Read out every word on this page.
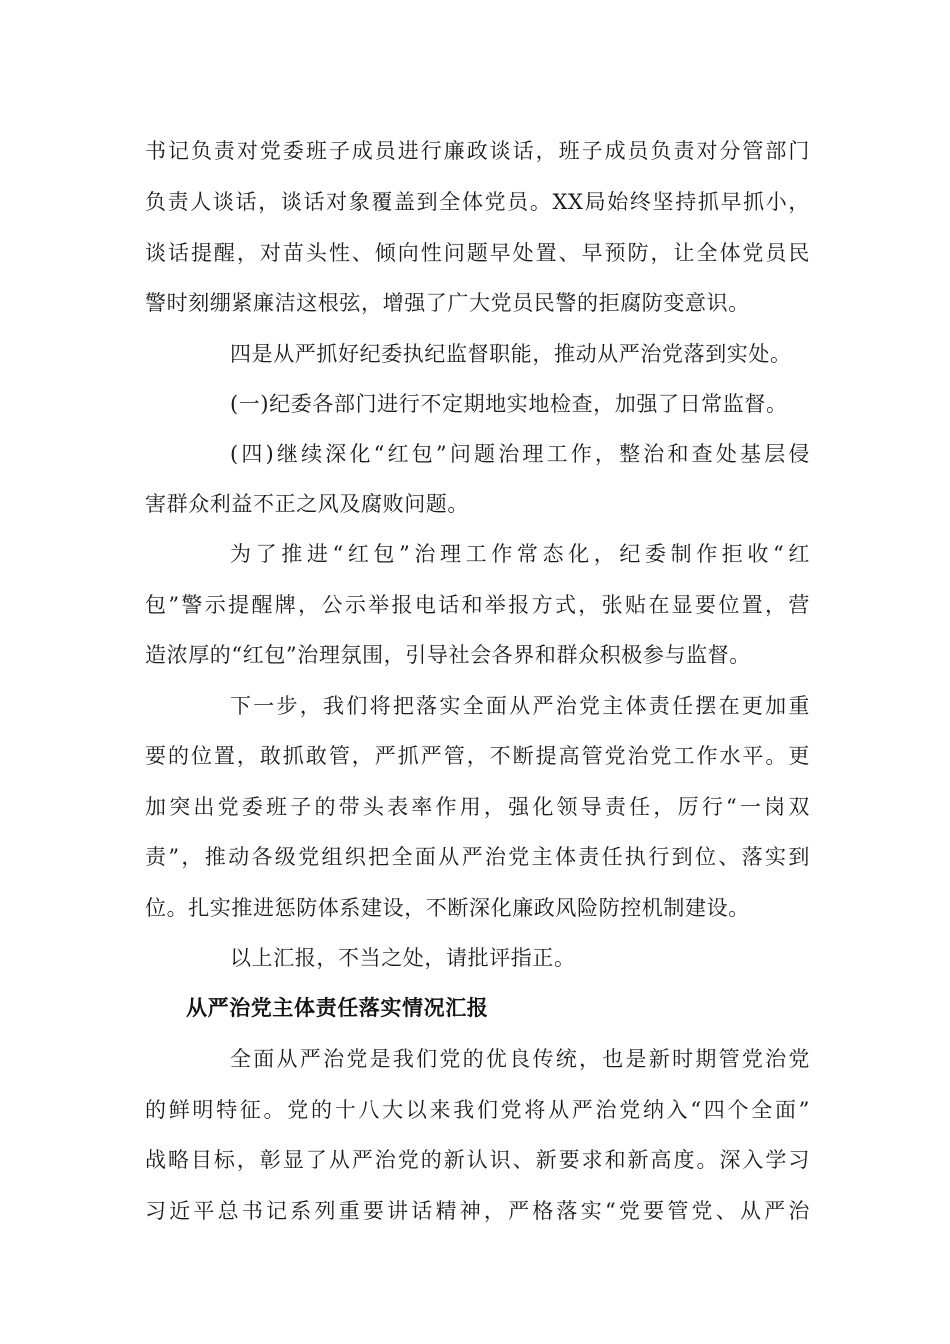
书记负责对党委班子成员进行廉政谈话，班子成员负责对分管部门
负责人谈话，谈话对象覆盖到全体党员。XX局始终坚持抓早抓小，
谈话提醒，对苗头性、倾向性问题早处置、早预防，让全体党员民
警时刻绷紧廉洁这根弦，增强了广大党员民警的拒腐防变意识。
四是从严抓好纪委执纪监督职能，推动从严治党落到实处。
(一)纪委各部门进行不定期地实地检查，加强了日常监督。
(四)继续深化“红包”问题治理工作，整治和查处基层侵
害群众利益不正之风及腐败问题。
为了推进“红包”治理工作常态化，纪委制作拒收“红
包”警示提醒牌，公示举报电话和举报方式，张贴在显要位置，营
造浓厚的“红包”治理氛围，引导社会各界和群众积极参与监督。
下一步，我们将把落实全面从严治党主体责任摆在更加重
要的位置，敢抓敢管，严抓严管，不断提高管党治党工作水平。更
加突出党委班子的带头表率作用，强化领导责任，厉行“一岗双
责”，推动各级党组织把全面从严治党主体责任执行到位、落实到
位。扎实推进惩防体系建设，不断深化廉政风险防控机制建设。
以上汇报，不当之处，请批评指正。
从严治党主体责任落实情况汇报
全面从严治党是我们党的优良传统，也是新时期管党治党
的鲜明特征。党的十八大以来我们党将从严治党纳入“四个全面”
战略目标，彰显了从严治党的新认识、新要求和新高度。深入学习
习近平总书记系列重要讲话精神，严格落实“党要管党、从严治
